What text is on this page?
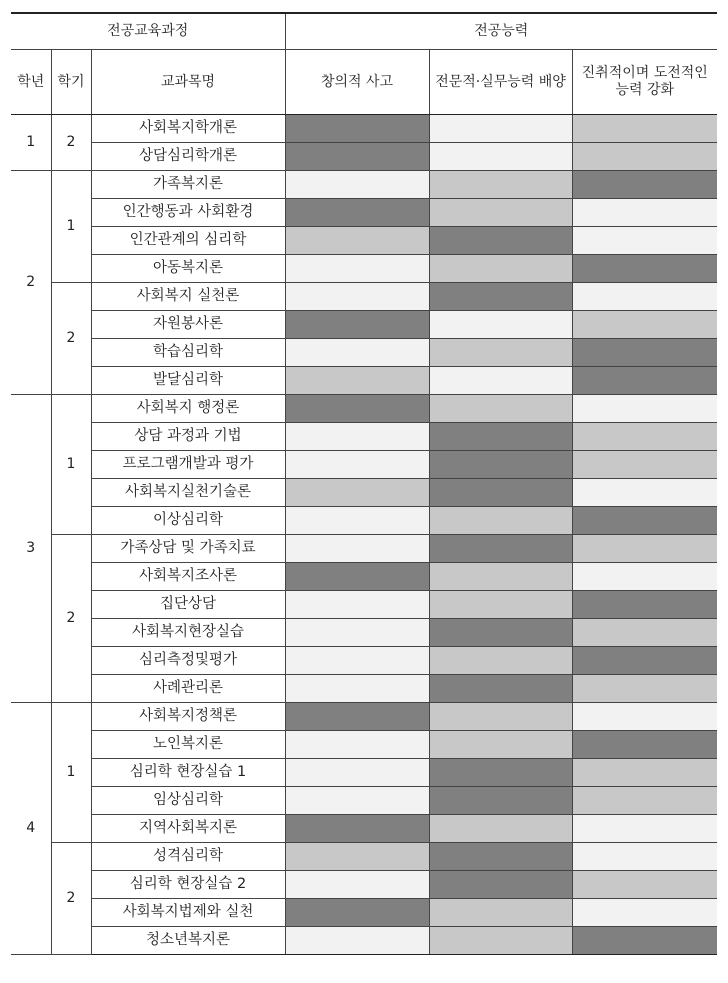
전공교육과정			전공능력		
학년	학기	교과목명	창의적 사고	전문적·실무능력 배양	진취적이며 도전적인
능력 강화
1	2	사회복지학개론			
		상담심리학개론			
2	1	가족복지론			
		인간행동과 사회환경			
		인간관계의 심리학			
		아동복지론			
	2	사회복지 실천론			
		자원봉사론			
		학습심리학			
		발달심리학			
3	1	사회복지 행정론			
		상담 과정과 기법			
		프로그램개발과 평가			
		사회복지실천기술론			
		이상심리학			
	2	가족상담 및 가족치료			
		사회복지조사론			
		집단상담			
		사회복지현장실습			
		심리측정및평가			
		사례관리론			
4	1	사회복지정책론			
		노인복지론			
		심리학 현장실습 1			
		임상심리학			
		지역사회복지론			
	2	성격심리학			
		심리학 현장실습 2			
		사회복지법제와 실천			
		청소년복지론			
